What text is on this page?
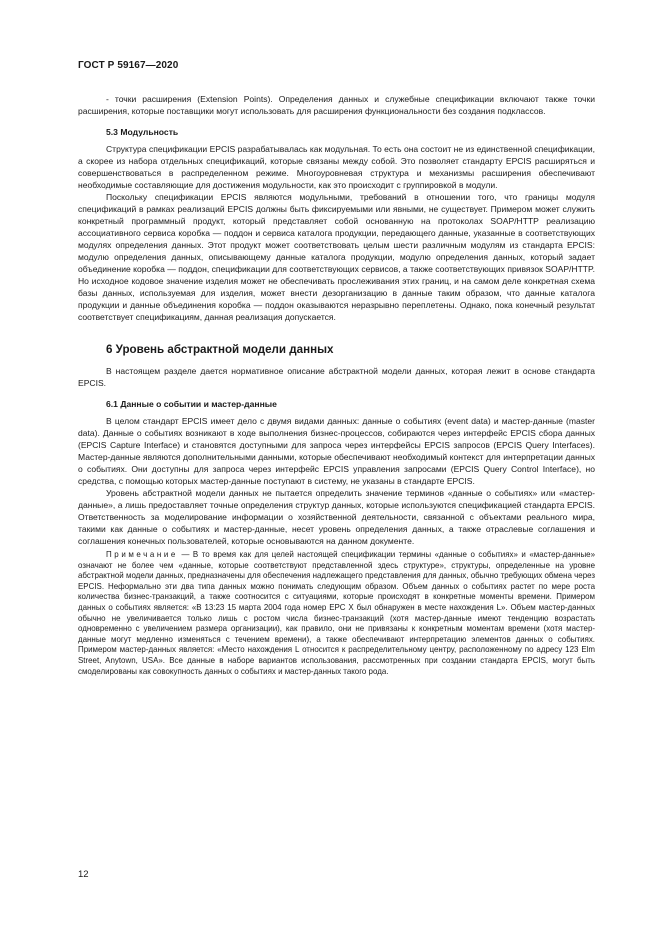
ГОСТ Р 59167—2020

- точки расширения (Extension Points). Определения данных и служебные спецификации включают также точки расширения, которые поставщики могут использовать для расширения функциональности без создания подклассов.

5.3 Модульность

Структура спецификации EPCIS разрабатывалась как модульная. То есть она состоит не из единственной спецификации, а скорее из набора отдельных спецификаций, которые связаны между собой. Это позволяет стандарту EPCIS расширяться и совершенствоваться в распределенном режиме. Многоуровневая структура и механизмы расширения обеспечивают необходимые составляющие для достижения модульности, как это происходит с группировкой в модули.

Поскольку спецификации EPCIS являются модульными, требований в отношении того, что границы модуля спецификаций в рамках реализаций EPCIS должны быть фиксируемыми или явными, не существует. Примером может служить конкретный программный продукт, который представляет собой основанную на протоколах SOAP/HTTP реализацию ассоциативного сервиса коробка — поддон и сервиса каталога продукции, передающего данные, указанные в соответствующих модулях определения данных. Этот продукт может соответствовать целым шести различным модулям из стандарта EPCIS: модулю определения данных, описывающему данные каталога продукции, модулю определения данных, который задает объединение коробка — поддон, спецификации для соответствующих сервисов, а также соответствующих привязок SOAP/HTTP. Но исходное кодовое значение изделия может не обеспечивать прослеживания этих границ, и на самом деле конкретная схема базы данных, используемая для изделия, может внести дезорганизацию в данные таким образом, что данные каталога продукции и данные объединения коробка — поддон оказываются неразрывно переплетены. Однако, пока конечный результат соответствует спецификациям, данная реализация допускается.

6 Уровень абстрактной модели данных

В настоящем разделе дается нормативное описание абстрактной модели данных, которая лежит в основе стандарта EPCIS.

6.1 Данные о событии и мастер-данные

В целом стандарт EPCIS имеет дело с двумя видами данных: данные о событиях (event data) и мастер-данные (master data). Данные о событиях возникают в ходе выполнения бизнес-процессов, собираются через интерфейс EPCIS сбора данных (EPCIS Capture Interface) и становятся доступными для запроса через интерфейсы EPCIS запросов (EPCIS Query Interfaces). Мастер-данные являются дополнительными данными, которые обеспечивают необходимый контекст для интерпретации данных о событиях. Они доступны для запроса через интерфейс EPCIS управления запросами (EPCIS Query Control Interface), но средства, с помощью которых мастер-данные поступают в систему, не указаны в стандарте EPCIS.

Уровень абстрактной модели данных не пытается определить значение терминов «данные о событиях» или «мастер-данные», а лишь предоставляет точные определения структур данных, которые используются спецификацией стандарта EPCIS. Ответственность за моделирование информации о хозяйственной деятельности, связанной с объектами реального мира, такими как данные о событиях и мастер-данные, несет уровень определения данных, а также отраслевые соглашения и соглашения конечных пользователей, которые основываются на данном документе.

Примечание — В то время как для целей настоящей спецификации термины «данные о событиях» и «мастер-данные» означают не более чем «данные, которые соответствуют представленной здесь структуре», структуры, определенные на уровне абстрактной модели данных, предназначены для обеспечения надлежащего представления для данных, обычно требующих обмена через EPCIS. Неформально эти два типа данных можно понимать следующим образом. Объем данных о событиях растет по мере роста количества бизнес-транзакций, а также соотносится с ситуациями, которые происходят в конкретные моменты времени. Примером данных о событиях является: «В 13:23 15 марта 2004 года номер EPC X был обнаружен в месте нахождения L». Объем мастер-данных обычно не увеличивается только лишь с ростом числа бизнес-транзакций (хотя мастер-данные имеют тенденцию возрастать одновременно с увеличением размера организации), как правило, они не привязаны к конкретным моментам времени (хотя мастер-данные могут медленно изменяться с течением времени), а также обеспечивают интерпретацию элементов данных о событиях. Примером мастер-данных является: «Место нахождения L относится к распределительному центру, расположенному по адресу 123 Elm Street, Anytown, USA». Все данные в наборе вариантов использования, рассмотренных при создании стандарта EPCIS, могут быть смоделированы как совокупность данных о событиях и мастер-данных такого рода.

12
